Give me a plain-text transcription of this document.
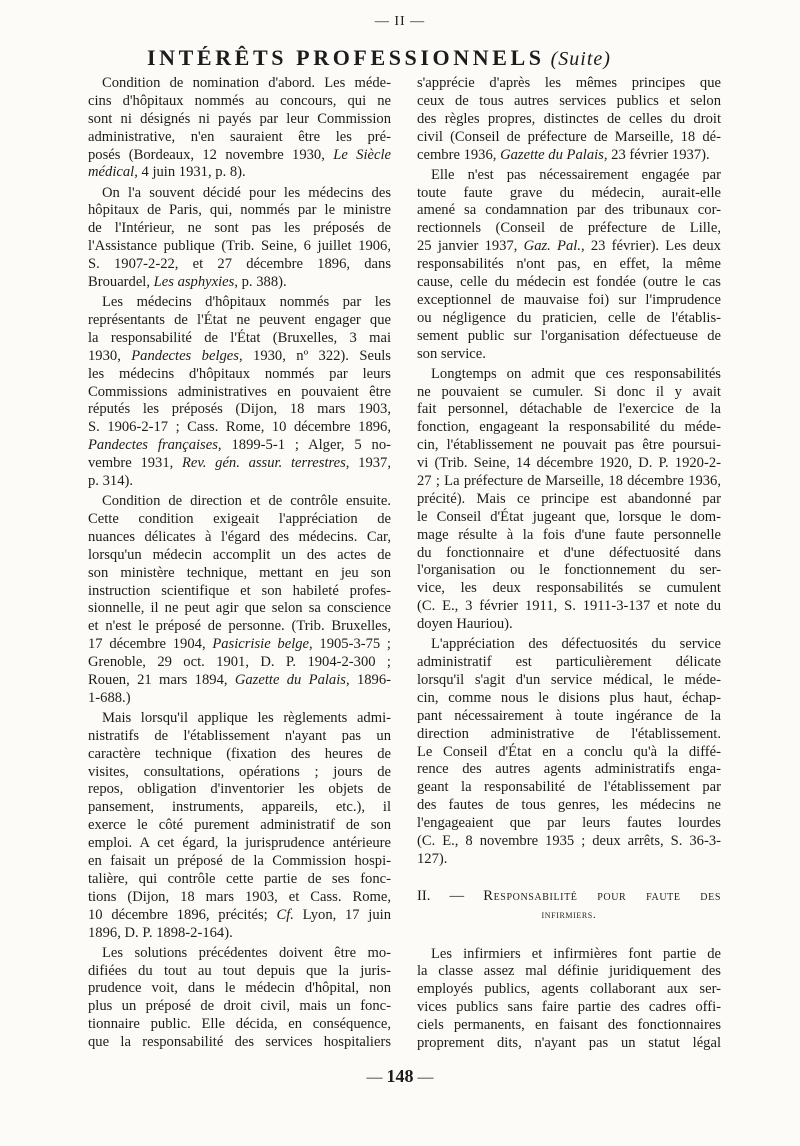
— II —
INTÉRÊTS PROFESSIONNELS (Suite)
Condition de nomination d'abord. Les méde-
cins d'hôpitaux nommés au concours, qui ne
sont ni désignés ni payés par leur Commission
administrative, n'en sauraient être les pré-
posés (Bordeaux, 12 novembre 1930, Le Siècle
médical, 4 juin 1931, p. 8).
On l'a souvent décidé pour les médecins des
hôpitaux de Paris, qui, nommés par le ministre
de l'Intérieur, ne sont pas les préposés de
l'Assistance publique (Trib. Seine, 6 juillet 1906,
S. 1907-2-22, et 27 décembre 1896, dans
Brouardel, Les asphyxies, p. 388).
Les médecins d'hôpitaux nommés par les
représentants de l'État ne peuvent engager que
la responsabilité de l'État (Bruxelles, 3 mai
1930, Pandectes belges, 1930, nº 322). Seuls
les médecins d'hôpitaux nommés par leurs
Commissions administratives en pouvaient être
réputés les préposés (Dijon, 18 mars 1903,
S. 1906-2-17 ; Cass. Rome, 10 décembre 1896,
Pandectes françaises, 1899-5-1 ; Alger, 5 no-
vembre 1931, Rev. gén. assur. terrestres, 1937,
p. 314).
Condition de direction et de contrôle ensuite.
Cette condition exigeait l'appréciation de
nuances délicates à l'égard des médecins. Car,
lorsqu'un médecin accomplit un des actes de
son ministère technique, mettant en jeu son
instruction scientifique et son habileté profes-
sionnelle, il ne peut agir que selon sa conscience
et n'est le préposé de personne. (Trib. Bruxelles,
17 décembre 1904, Pasicrisie belge, 1905-3-75 ;
Grenoble, 29 oct. 1901, D. P. 1904-2-300 ;
Rouen, 21 mars 1894, Gazette du Palais, 1896-
1-688.)
Mais lorsqu'il applique les règlements admi-
nistratifs de l'établissement n'ayant pas un
caractère technique (fixation des heures de
visites, consultations, opérations ; jours de
repos, obligation d'inventorier les objets de
pansement, instruments, appareils, etc.), il
exerce le côté purement administratif de son
emploi. A cet égard, la jurisprudence antérieure
en faisait un préposé de la Commission hospi-
talière, qui contrôle cette partie de ses fonc-
tions (Dijon, 18 mars 1903, et Cass. Rome,
10 décembre 1896, précités; Cf. Lyon, 17 juin
1896, D. P. 1898-2-164).
Les solutions précédentes doivent être mo-
difiées du tout au tout depuis que la juris-
prudence voit, dans le médecin d'hôpital, non
plus un préposé de droit civil, mais un fonc-
tionnaire public. Elle décida, en conséquence,
que la responsabilité des services hospitaliers
s'apprécie d'après les mêmes principes que
ceux de tous autres services publics et selon
des règles propres, distinctes de celles du droit
civil (Conseil de préfecture de Marseille, 18 dé-
cembre 1936, Gazette du Palais, 23 février 1937).
Elle n'est pas nécessairement engagée par
toute faute grave du médecin, aurait-elle
amené sa condamnation par des tribunaux cor-
rectionnels (Conseil de préfecture de Lille,
25 janvier 1937, Gaz. Pal., 23 février). Les deux
responsabilités n'ont pas, en effet, la même
cause, celle du médecin est fondée (outre le cas
exceptionnel de mauvaise foi) sur l'imprudence
ou négligence du praticien, celle de l'établis-
sement public sur l'organisation défectueuse de
son service.
Longtemps on admit que ces responsabilités
ne pouvaient se cumuler. Si donc il y avait
fait personnel, détachable de l'exercice de la
fonction, engageant la responsabilité du méde-
cin, l'établissement ne pouvait pas être poursui-
vi (Trib. Seine, 14 décembre 1920, D. P. 1920-2-
27 ; La préfecture de Marseille, 18 décembre 1936,
précité). Mais ce principe est abandonné par
le Conseil d'État jugeant que, lorsque le dom-
mage résulte à la fois d'une faute personnelle
du fonctionnaire et d'une défectuosité dans
l'organisation ou le fonctionnement du ser-
vice, les deux responsabilités se cumulent
(C. E., 3 février 1911, S. 1911-3-137 et note du
doyen Hauriou).
L'appréciation des défectuosités du service
administratif est particulièrement délicate
lorsqu'il s'agit d'un service médical, le méde-
cin, comme nous le disions plus haut, échap-
pant nécessairement à toute ingérance de la
direction administrative de l'établissement.
Le Conseil d'État en a conclu qu'à la diffé-
rence des autres agents administratifs enga-
geant la responsabilité de l'établissement par
des fautes de tous genres, les médecins ne
l'engageaient que par leurs fautes lourdes
(C. E., 8 novembre 1935 ; deux arrêts, S. 36-3-
127).
II. — Responsabilité pour faute des
infirmiers.
Les infirmiers et infirmières font partie de
la classe assez mal définie juridiquement des
employés publics, agents collaborant aux ser-
vices publics sans faire partie des cadres offi-
ciels permanents, en faisant des fonctionnaires
proprement dits, n'ayant pas un statut légal
— 148 —
